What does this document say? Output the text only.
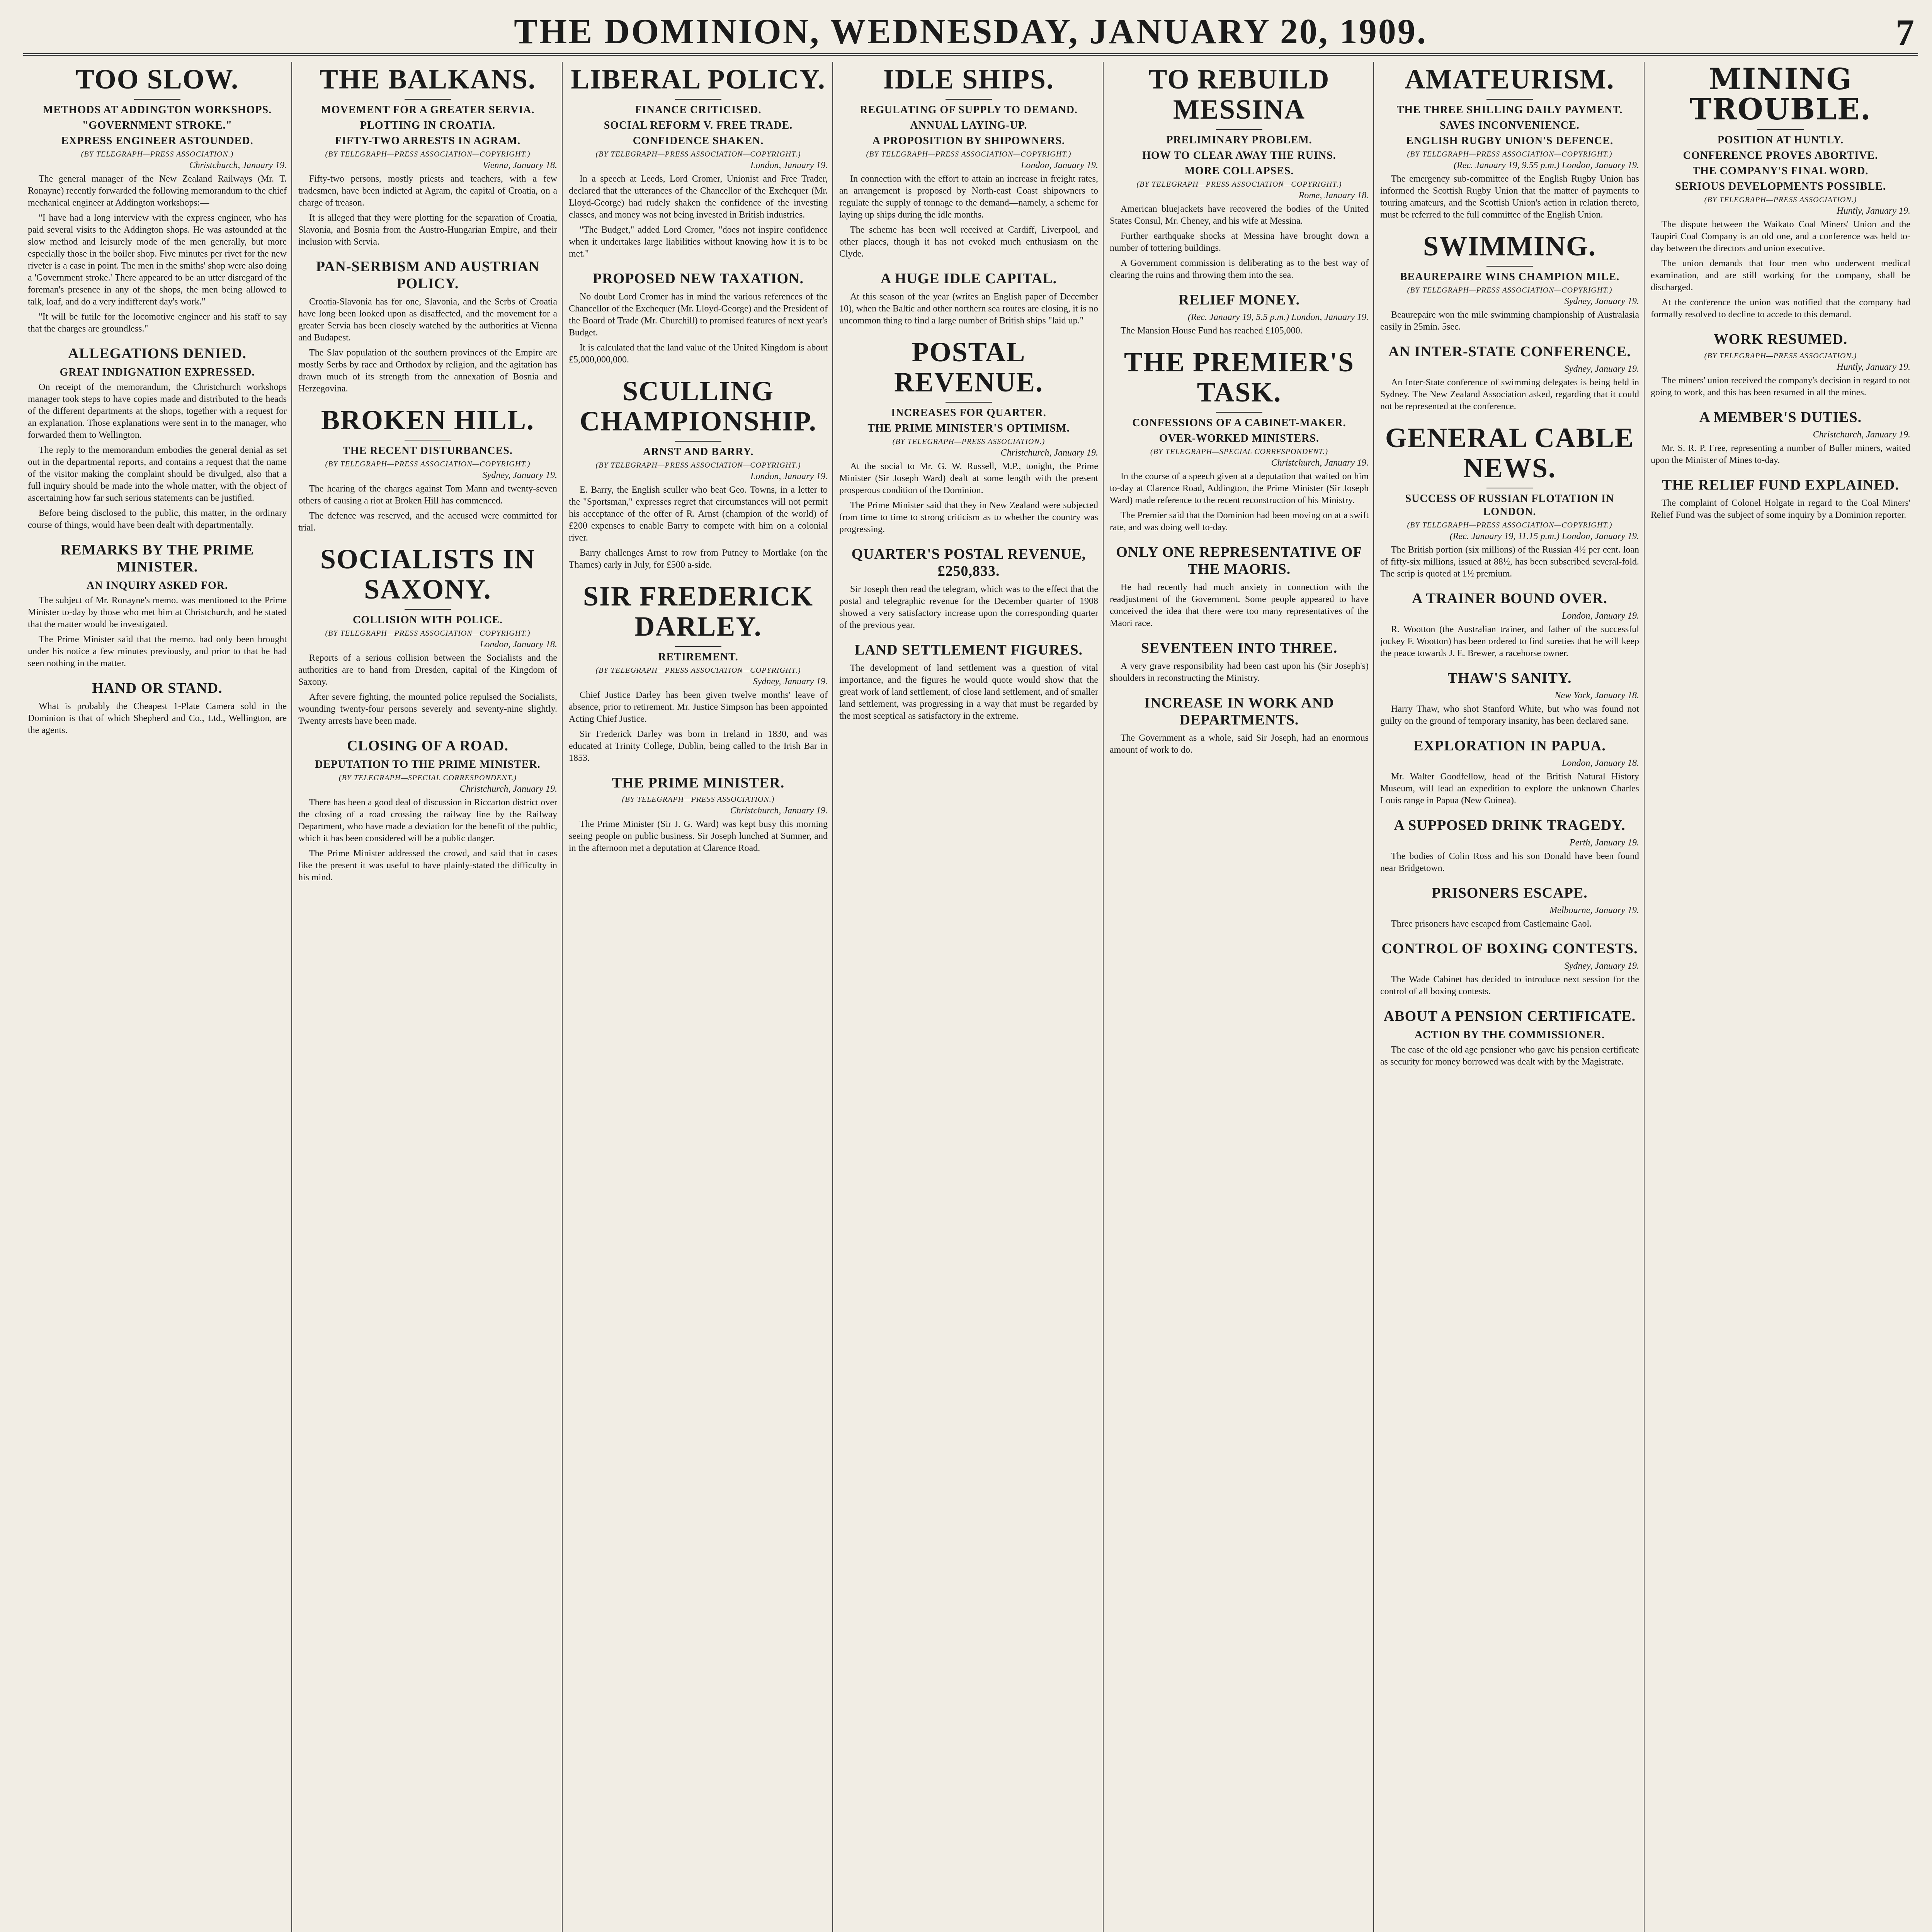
THE DOMINION, WEDNESDAY, JANUARY 20, 1909.	7
TOO SLOW.
METHODS AT ADDINGTON WORKSHOPS.
"GOVERNMENT STROKE."
EXPRESS ENGINEER ASTOUNDED.
(BY TELEGRAPH—PRESS ASSOCIATION.)
Christchurch, January 19.

The general manager of the New Zealand Railways (Mr. T. Ronayne) recently forwarded the following memorandum to the chief mechanical engineer at Addington workshops:—

"I have had a long interview with the express engineer, who has paid several visits to the Addington shops. He was astounded at the slow method and leisurely mode of the men generally, but more especially those in the boiler shop. Five minutes per rivet for the new riveter is a case in point. The men in the smiths' shop were also doing a 'Government stroke.' There appeared to be an utter disregard of the foreman's presence in any of the shops, the men being allowed to talk, loaf, and do a very indifferent day's work."

"It will be futile for the locomotive engineer and his staff to say that the charges are groundless."

ALLEGATIONS DENIED.
GREAT INDIGNATION EXPRESSED.

On receipt of the memorandum, the Christchurch workshops manager took steps to have copies made and distributed to the heads of the different departments at the shops, together with a request for an explanation. Those explanations were sent in to the manager, who forwarded them to Wellington.

The reply to the memorandum embodies the general denial as set out in the departmental reports, and contains a request that the name of the visitor making the complaint should be divulged, also that a full inquiry should be made into the whole matter, with the object of ascertaining how far such serious statements can be justified.

Before being disclosed to the public, this matter, in the ordinary course of things, would have been dealt with departmentally.

REMARKS BY THE PRIME MINISTER.
AN INQUIRY ASKED FOR.

The subject of Mr. Ronayne's memo. was mentioned to the Prime Minister to-day by those who met him at Christchurch, and he stated that the matter would be investigated.

The Prime Minister said that the memo. had only been brought under his notice a few minutes previously, and prior to that he had seen nothing in the matter.

HAND OR STAND.

What is probably the Cheapest 1-Plate Camera sold in the Dominion is that of which Shepherd and Co., Ltd., Wellington, are the agents.

THE BALKANS.
MOVEMENT FOR A GREATER SERVIA.
PLOTTING IN CROATIA.
FIFTY-TWO ARRESTS IN AGRAM.
(BY TELEGRAPH—PRESS ASSOCIATION—COPYRIGHT.)
Vienna, January 18.

Fifty-two persons, mostly priests and teachers, with a few tradesmen, have been indicted at Agram, the capital of Croatia, on a charge of treason.

It is alleged that they were plotting for the separation of Croatia, Slavonia, and Bosnia from the Austro-Hungarian Empire, and their inclusion with Servia.

PAN-SERBISM AND AUSTRIAN POLICY.

Croatia-Slavonia has for one, Slavonia, and the Serbs of Croatia have long been looked upon as disaffected, and the movement for a greater Servia has been closely watched by the authorities at Vienna and Budapest.

The Slav population of the southern provinces of the Empire are mostly Serbs by race and Orthodox by religion, and the agitation has drawn much of its strength from the annexation of Bosnia and Herzegovina.

BROKEN HILL.
THE RECENT DISTURBANCES.
(BY TELEGRAPH—PRESS ASSOCIATION—COPYRIGHT.)
Sydney, January 19.

The hearing of the charges against Tom Mann and twenty-seven others of causing a riot at Broken Hill has commenced.

The defence was reserved, and the accused were committed for trial.

SOCIALISTS IN SAXONY.
COLLISION WITH POLICE.
(BY TELEGRAPH—PRESS ASSOCIATION—COPYRIGHT.)
London, January 18.

Reports of a serious collision between the Socialists and the authorities are to hand from Dresden, capital of the Kingdom of Saxony.

After severe fighting, the mounted police repulsed the Socialists, wounding twenty-four persons severely and seventy-nine slightly. Twenty arrests have been made.

CLOSING OF A ROAD.
DEPUTATION TO THE PRIME MINISTER.
(BY TELEGRAPH—SPECIAL CORRESPONDENT.)
Christchurch, January 19.

There has been a good deal of discussion in Riccarton district over the closing of a road crossing the railway line by the Railway Department, who have made a deviation for the benefit of the public, which it has been considered will be a public danger.

The Prime Minister addressed the crowd, and said that in cases like the present it was useful to have plainly-stated the difficulty in his mind.

LIBERAL POLICY.
FINANCE CRITICISED.
SOCIAL REFORM V. FREE TRADE.
CONFIDENCE SHAKEN.
(BY TELEGRAPH—PRESS ASSOCIATION—COPYRIGHT.)
London, January 19.

In a speech at Leeds, Lord Cromer, Unionist and Free Trader, declared that the utterances of the Chancellor of the Exchequer (Mr. Lloyd-George) had rudely shaken the confidence of the investing classes, and money was not being invested in British industries.

"The Budget," added Lord Cromer, "does not inspire confidence when it undertakes large liabilities without knowing how it is to be met."

PROPOSED NEW TAXATION.

No doubt Lord Cromer has in mind the various references of the Chancellor of the Exchequer (Mr. Lloyd-George) and the President of the Board of Trade (Mr. Churchill) to promised features of next year's Budget.

It is calculated that the land value of the United Kingdom is about £5,000,000,000.

SCULLING CHAMPIONSHIP.
ARNST AND BARRY.
(BY TELEGRAPH—PRESS ASSOCIATION—COPYRIGHT.)
London, January 19.

E. Barry, the English sculler who beat Geo. Towns, in a letter to the "Sportsman," expresses regret that circumstances will not permit his acceptance of the offer of R. Arnst (champion of the world) of £200 expenses to enable Barry to compete with him on a colonial river.

Barry challenges Arnst to row from Putney to Mortlake (on the Thames) early in July, for £500 a-side.

SIR FREDERICK DARLEY.
RETIREMENT.
(BY TELEGRAPH—PRESS ASSOCIATION—COPYRIGHT.)
Sydney, January 19.

Chief Justice Darley has been given twelve months' leave of absence, prior to retirement. Mr. Justice Simpson has been appointed Acting Chief Justice.

Sir Frederick Darley was born in Ireland in 1830, and was educated at Trinity College, Dublin, being called to the Irish Bar in 1853.

THE PRIME MINISTER.
(BY TELEGRAPH—PRESS ASSOCIATION.)
Christchurch, January 19.

The Prime Minister (Sir J. G. Ward) was kept busy this morning seeing people on public business. Sir Joseph lunched at Sumner, and in the afternoon met a deputation at Clarence Road.

IDLE SHIPS.
REGULATING OF SUPPLY TO DEMAND.
ANNUAL LAYING-UP.
A PROPOSITION BY SHIPOWNERS.
(BY TELEGRAPH—PRESS ASSOCIATION—COPYRIGHT.)
London, January 19.

In connection with the effort to attain an increase in freight rates, an arrangement is proposed by North-east Coast shipowners to regulate the supply of tonnage to the demand—namely, a scheme for laying up ships during the idle months.

The scheme has been well received at Cardiff, Liverpool, and other places, though it has not evoked much enthusiasm on the Clyde.

A HUGE IDLE CAPITAL.

At this season of the year (writes an English paper of December 10), when the Baltic and other northern sea routes are closing, it is no uncommon thing to find a large number of British ships "laid up."

POSTAL REVENUE.
INCREASES FOR QUARTER.
THE PRIME MINISTER'S OPTIMISM.
(BY TELEGRAPH—PRESS ASSOCIATION.)
Christchurch, January 19.

At the social to Mr. G. W. Russell, M.P., tonight, the Prime Minister (Sir Joseph Ward) dealt at some length with the present prosperous condition of the Dominion.

The Prime Minister said that they in New Zealand were subjected from time to time to strong criticism as to whether the country was progressing.

QUARTER'S POSTAL REVENUE, £250,833.

Sir Joseph then read the telegram, which was to the effect that the postal and telegraphic revenue for the December quarter of 1908 showed a very satisfactory increase upon the corresponding quarter of the previous year.

LAND SETTLEMENT FIGURES.

The development of land settlement was a question of vital importance, and the figures he would quote would show that the great work of land settlement, of close land settlement, and of smaller land settlement, was progressing in a way that must be regarded by the most sceptical as satisfactory in the extreme.

TO REBUILD MESSINA
PRELIMINARY PROBLEM.
HOW TO CLEAR AWAY THE RUINS.
MORE COLLAPSES.
(BY TELEGRAPH—PRESS ASSOCIATION—COPYRIGHT.)
Rome, January 18.

American bluejackets have recovered the bodies of the United States Consul, Mr. Cheney, and his wife at Messina.

Further earthquake shocks at Messina have brought down a number of tottering buildings.

A Government commission is deliberating as to the best way of clearing the ruins and throwing them into the sea.

RELIEF MONEY.
(Rec. January 19, 5.5 p.m.) London, January 19.

The Mansion House Fund has reached £105,000.

THE PREMIER'S TASK.
CONFESSIONS OF A CABINET-MAKER.
OVER-WORKED MINISTERS.
(BY TELEGRAPH—SPECIAL CORRESPONDENT.)
Christchurch, January 19.

In the course of a speech given at a deputation that waited on him to-day at Clarence Road, Addington, the Prime Minister (Sir Joseph Ward) made reference to the recent reconstruction of his Ministry.

The Premier said that the Dominion had been moving on at a swift rate, and was doing well to-day.

ONLY ONE REPRESENTATIVE OF THE MAORIS.

He had recently had much anxiety in connection with the readjustment of the Government. Some people appeared to have conceived the idea that there were too many representatives of the Maori race.

SEVENTEEN INTO THREE.

A very grave responsibility had been cast upon his (Sir Joseph's) shoulders in reconstructing the Ministry.

INCREASE IN WORK AND DEPARTMENTS.

The Government as a whole, said Sir Joseph, had an enormous amount of work to do.

AMATEURISM.
THE THREE SHILLING DAILY PAYMENT.
SAVES INCONVENIENCE.
ENGLISH RUGBY UNION'S DEFENCE.
(BY TELEGRAPH—PRESS ASSOCIATION—COPYRIGHT.)
(Rec. January 19, 9.55 p.m.) London, January 19.

The emergency sub-committee of the English Rugby Union has informed the Scottish Rugby Union that the matter of payments to touring amateurs, and the Scottish Union's action in relation thereto, must be referred to the full committee of the English Union.

SWIMMING.
BEAUREPAIRE WINS CHAMPION MILE.
(BY TELEGRAPH—PRESS ASSOCIATION—COPYRIGHT.)
Sydney, January 19.

Beaurepaire won the mile swimming championship of Australasia easily in 25min. 5sec.

AN INTER-STATE CONFERENCE.
Sydney, January 19.

An Inter-State conference of swimming delegates is being held in Sydney. The New Zealand Association asked, regarding that it could not be represented at the conference.

GENERAL CABLE NEWS.
SUCCESS OF RUSSIAN FLOTATION IN LONDON.
(BY TELEGRAPH—PRESS ASSOCIATION—COPYRIGHT.)
(Rec. January 19, 11.15 p.m.) London, January 19.

The British portion (six millions) of the Russian 4½ per cent. loan of fifty-six millions, issued at 88½, has been subscribed several-fold. The scrip is quoted at 1½ premium.

A TRAINER BOUND OVER.
London, January 19.

R. Wootton (the Australian trainer, and father of the successful jockey F. Wootton) has been ordered to find sureties that he will keep the peace towards J. E. Brewer, a racehorse owner.

THAW'S SANITY.
New York, January 18.

Harry Thaw, who shot Stanford White, but who was found not guilty on the ground of temporary insanity, has been declared sane.

EXPLORATION IN PAPUA.
London, January 18.

Mr. Walter Goodfellow, head of the British Natural History Museum, will lead an expedition to explore the unknown Charles Louis range in Papua (New Guinea).

A SUPPOSED DRINK TRAGEDY.
Perth, January 19.

The bodies of Colin Ross and his son Donald have been found near Bridgetown.

PRISONERS ESCAPE.
Melbourne, January 19.

Three prisoners have escaped from Castlemaine Gaol.

CONTROL OF BOXING CONTESTS.
Sydney, January 19.

The Wade Cabinet has decided to introduce next session for the control of all boxing contests.

ABOUT A PENSION CERTIFICATE.
ACTION BY THE COMMISSIONER.

The case of the old age pensioner who gave his pension certificate as security for money borrowed was dealt with by the Magistrate.

MINING TROUBLE.
POSITION AT HUNTLY.
CONFERENCE PROVES ABORTIVE.
THE COMPANY'S FINAL WORD.
SERIOUS DEVELOPMENTS POSSIBLE.
(BY TELEGRAPH—PRESS ASSOCIATION.)
Huntly, January 19.

The dispute between the Waikato Coal Miners' Union and the Taupiri Coal Company is an old one, and a conference was held to-day between the directors and union executive.

The union demands that four men who underwent medical examination, and are still working for the company, shall be discharged.

At the conference the union was notified that the company had formally resolved to decline to accede to this demand.

WORK RESUMED.
(BY TELEGRAPH—PRESS ASSOCIATION.)
Huntly, January 19.

The miners' union received the company's decision in regard to not going to work, and this has been resumed in all the mines.

A MEMBER'S DUTIES.
Christchurch, January 19.

Mr. S. R. P. Free, representing a number of Buller miners, waited upon the Minister of Mines to-day.

THE RELIEF FUND EXPLAINED.

The complaint of Colonel Holgate in regard to the Coal Miners' Relief Fund was the subject of some inquiry by a Dominion reporter.
